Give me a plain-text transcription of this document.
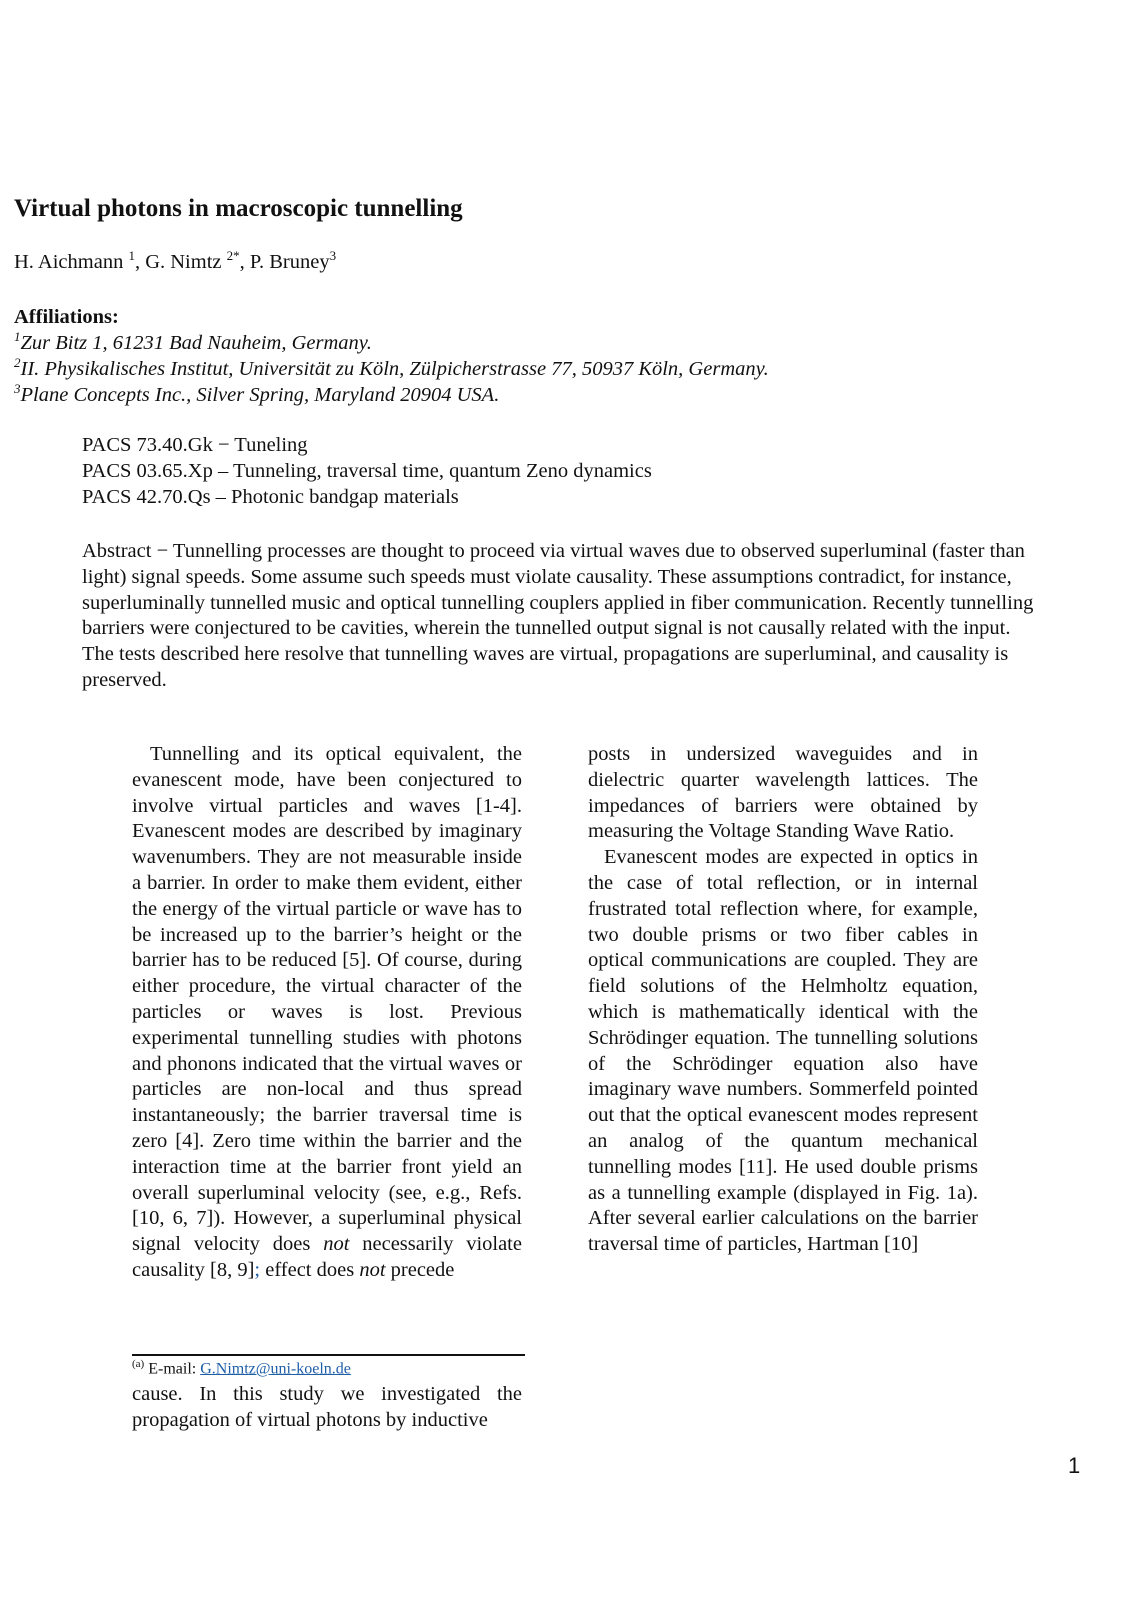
Virtual photons in macroscopic tunnelling
H. Aichmann $^1$, G. Nimtz $^{2*}$, P. Bruney$^3$
Affiliations:
$^1$Zur Bitz 1, 61231 Bad Nauheim, Germany.
$^2$II. Physikalisches Institut, Universität zu Köln, Zülpicherstrasse 77, 50937 Köln, Germany.
$^3$Plane Concepts Inc., Silver Spring, Maryland 20904 USA.
PACS 73.40.Gk − Tuneling
PACS 03.65.Xp – Tunneling, traversal time, quantum Zeno dynamics
PACS 42.70.Qs – Photonic bandgap materials
Abstract − Tunnelling processes are thought to proceed via virtual waves due to observed superluminal (faster than light) signal speeds. Some assume such speeds must violate causality. These assumptions contradict, for instance, superluminally tunnelled music and optical tunnelling couplers applied in fiber communication. Recently tunnelling barriers were conjectured to be cavities, wherein the tunnelled output signal is not causally related with the input. The tests described here resolve that tunnelling waves are virtual, propagations are superluminal, and causality is preserved.

Tunnelling and its optical equivalent, the evanescent mode, have been conjectured to involve virtual particles and waves [1-4]. Evanescent modes are described by imaginary wavenumbers. They are not measurable inside a barrier. In order to make them evident, either the energy of the virtual particle or wave has to be increased up to the barrier’s height or the barrier has to be reduced [5]. Of course, during either procedure, the virtual character of the particles or waves is lost. Previous experimental tunnelling studies with photons and phonons indicated that the virtual waves or particles are non-local and thus spread instantaneously; the barrier traversal time is zero [4]. Zero time within the barrier and the interaction time at the barrier front yield an overall superluminal velocity (see, e.g., Refs. [10, 6, 7]). However, a superluminal physical signal velocity does not necessarily violate causality [8, 9]; effect does not precede

$^{(a)}$ E-mail: G.Nimtz@uni-koeln.de

cause. In this study we investigated the propagation of virtual photons by inductive

posts in undersized waveguides and in dielectric quarter wavelength lattices. The impedances of barriers were obtained by measuring the Voltage Standing Wave Ratio.

Evanescent modes are expected in optics in the case of total reflection, or in internal frustrated total reflection where, for example, two double prisms or two fiber cables in optical communications are coupled. They are field solutions of the Helmholtz equation, which is mathematically identical with the Schrödinger equation. The tunnelling solutions of the Schrödinger equation also have imaginary wave numbers. Sommerfeld pointed out that the optical evanescent modes represent an analog of the quantum mechanical tunnelling modes [11]. He used double prisms as a tunnelling example (displayed in Fig. 1a). After several earlier calculations on the barrier traversal time of particles, Hartman [10]

1
